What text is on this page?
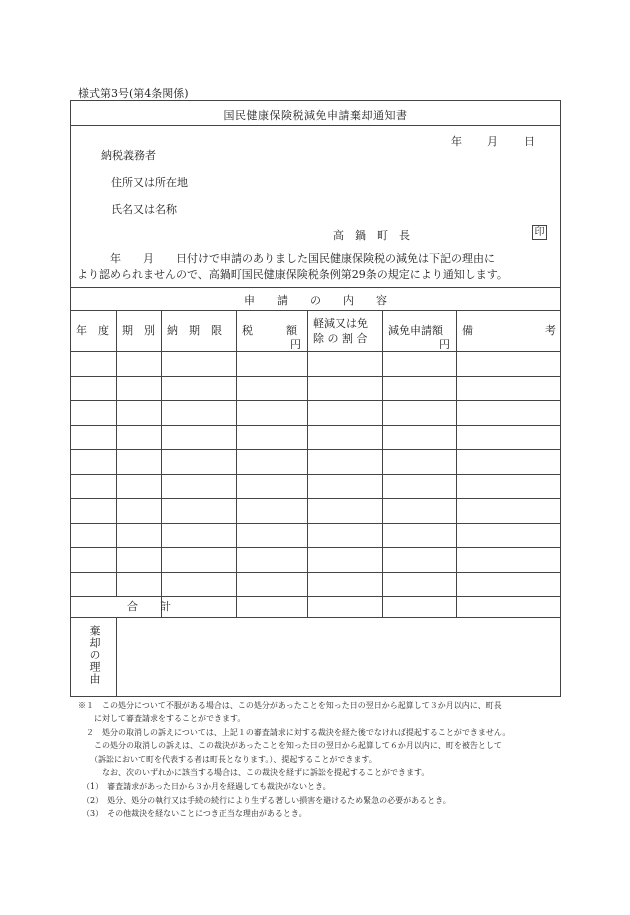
様式第3号(第4条関係)
国民健康保険税減免申請棄却通知書
年 月 日
納税義務者
住所又は所在地
氏名又は名称
高　鍋　町　長	印
　　　年　　月　　日付けで申請のありました国民健康保険税の減免は下記の理由に
より認められませんので、高鍋町国民健康保険税条例第29条の規定により通知します。
申　　請　　の　　内　　容
年　度 期　別 納　期　限 税　　　額
円
軽減又は免
除 の 割 合
減免申請額
円
備	考
合　　計
棄却の理由
※１　この処分について不服がある場合は、この処分があったことを知った日の翌日から起算して３か月以内に、町長
　　に対して審査請求をすることができます。
　２　処分の取消しの訴えについては、上記１の審査請求に対する裁決を経た後でなければ提起することができません。
　　この処分の取消しの訴えは、この裁決があったことを知った日の翌日から起算して６か月以内に、町を被告として
　　（訴訟において町を代表する者は町長となります。）、提起することができます。
　　　なお、次のいずれかに該当する場合は、この裁決を経ずに訴訟を提起することができます。
　（1）　審査請求があった日から３か月を経過しても裁決がないとき。
　（2）　処分、処分の執行又は手続の続行により生ずる著しい損害を避けるため緊急の必要があるとき。
　（3）　その他裁決を経ないことにつき正当な理由があるとき。
